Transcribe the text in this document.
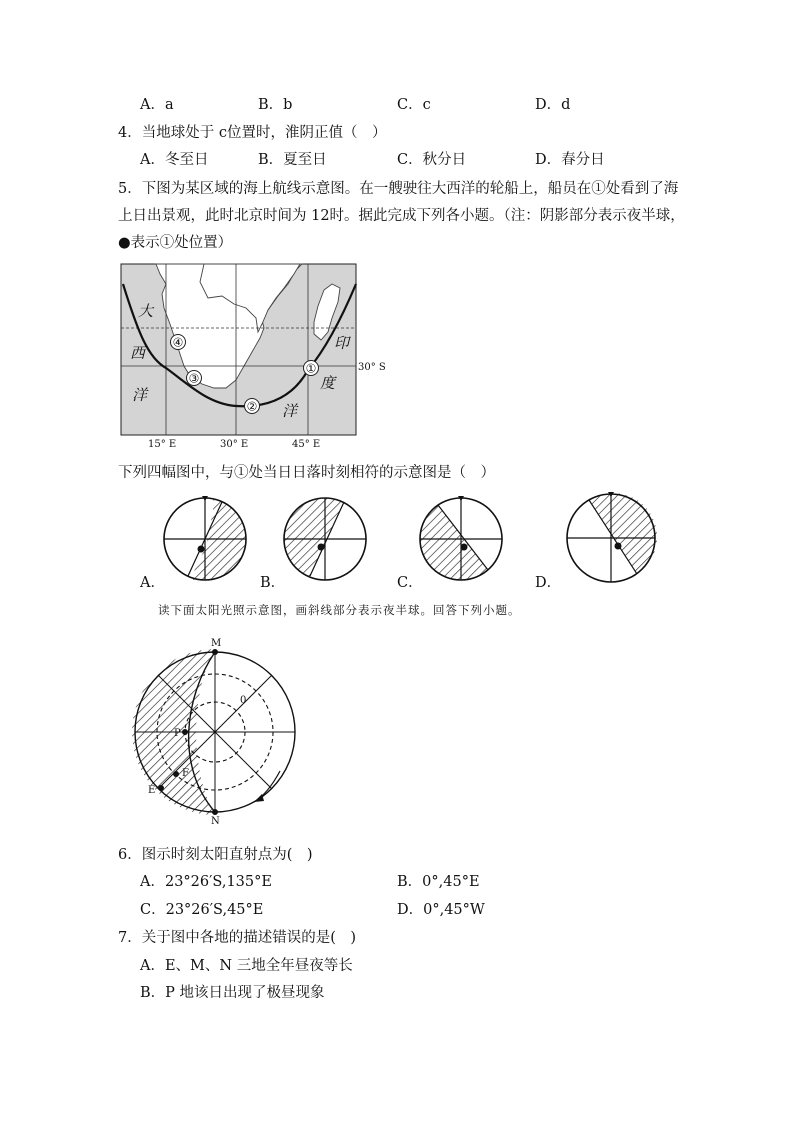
A．a	B．b	C．c	D．d
4．当地球处于 c位置时，淮阴正值（　）
A．冬至日	B．夏至日	C．秋分日	D．春分日
5．下图为某区域的海上航线示意图。在一艘驶往大西洋的轮船上，船员在①处看到了海
上日出景观，此时北京时间为 12时。据此完成下列各小题。（注：阴影部分表示夜半球，
●表示①处位置）
④
③
②
①
大
西
洋
印
度
洋
30° S
15° E	30° E	45° E
下列四幅图中，与①处当日日落时刻相符的示意图是（　）
A．	B．	C．	D．
读下面太阳光照示意图，画斜线部分表示夜半球。回答下列小题。
M
N
P
F
E
0
6．图示时刻太阳直射点为(　)
A．23°26′S,135°E	B．0°,45°E
C．23°26′S,45°E	D．0°,45°W
7．关于图中各地的描述错误的是(　)
A．E、M、N 三地全年昼夜等长
B．P 地该日出现了极昼现象
